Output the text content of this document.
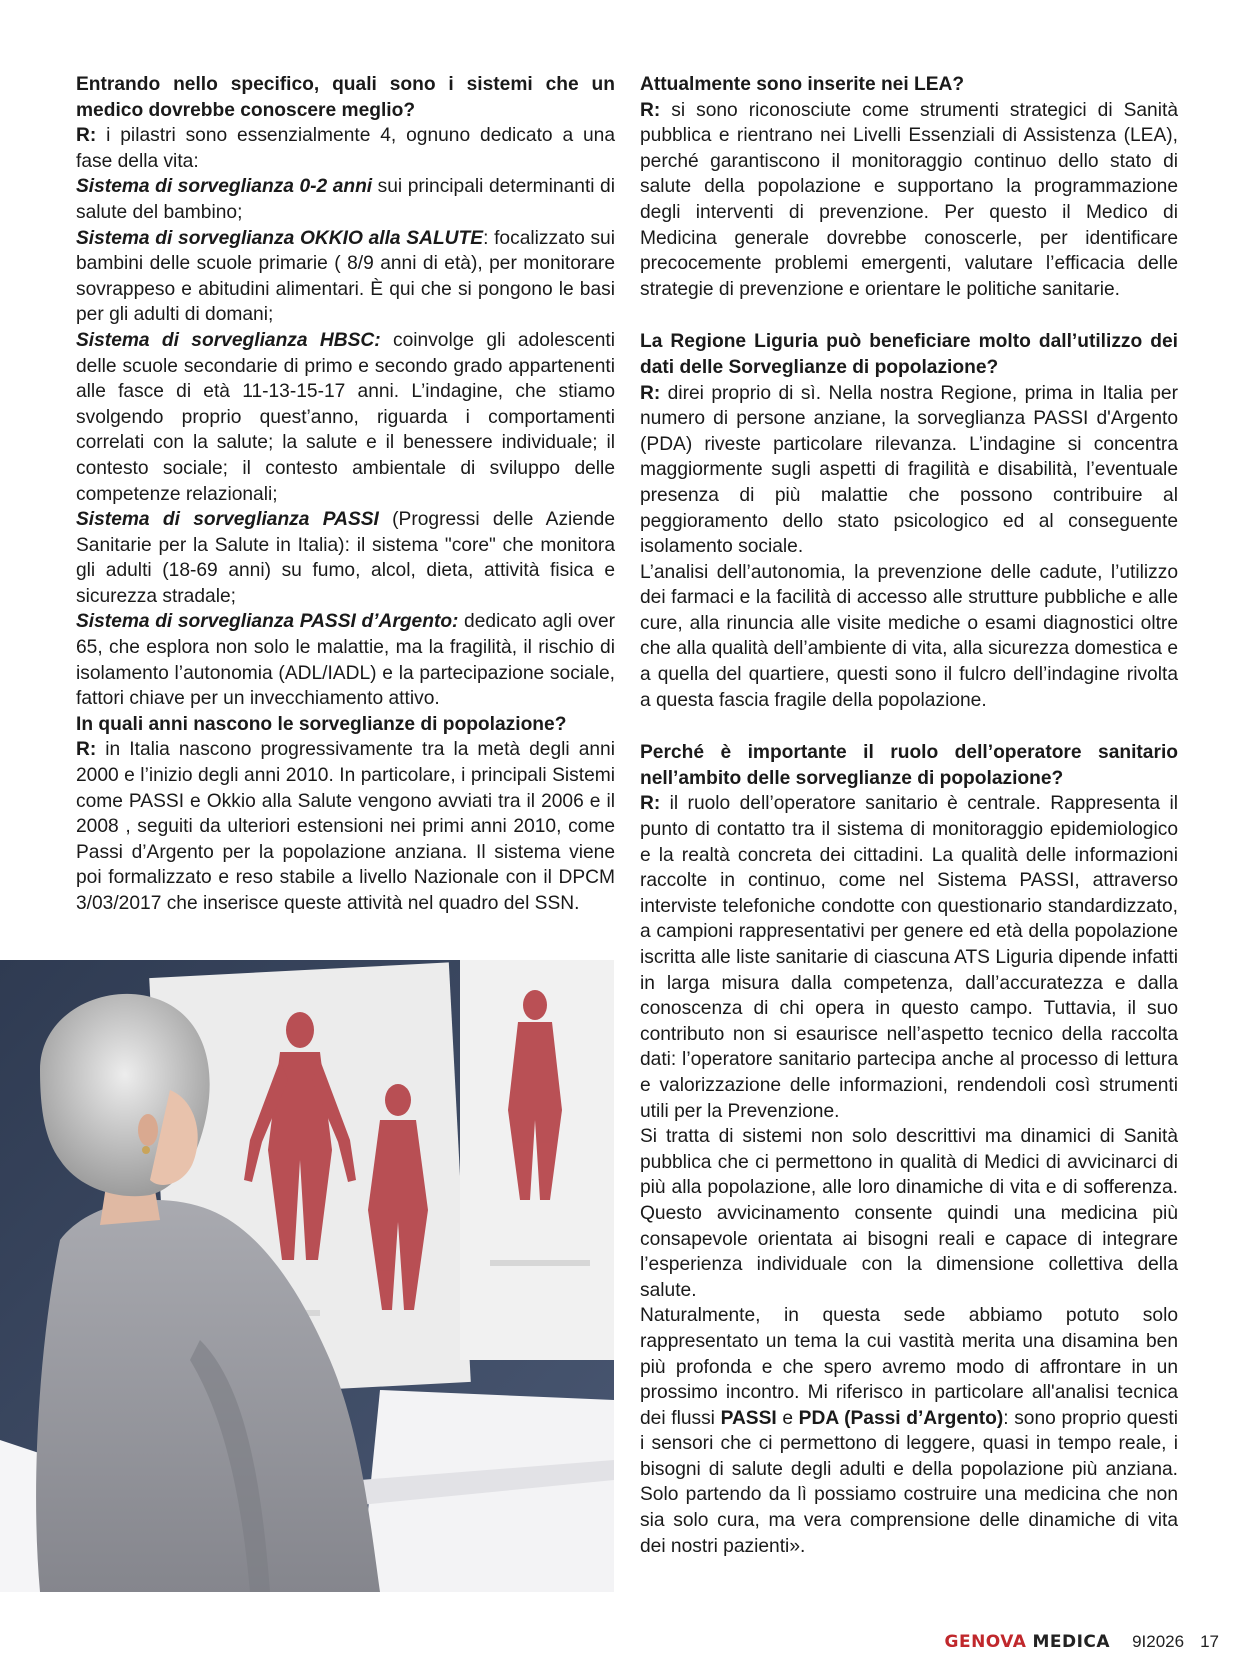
Entrando nello specifico, quali sono i sistemi che un medico dovrebbe conoscere meglio?

R: i pilastri sono essenzialmente 4, ognuno dedicato a una fase della vita:

Sistema di sorveglianza 0-2 anni sui principali determinanti di salute del bambino;

Sistema di sorveglianza OKKIO alla SALUTE: focalizzato sui bambini delle scuole primarie ( 8/9 anni di età), per monitorare sovrappeso e abitudini alimentari. È qui che si pongono le basi per gli adulti di domani;

Sistema di sorveglianza HBSC: coinvolge gli adolescenti delle scuole secondarie di primo e secondo grado appartenenti alle fasce di età 11-13-15-17 anni. L’indagine, che stiamo svolgendo proprio quest’anno, riguarda i comportamenti correlati con la salute; la salute e il benessere individuale; il contesto sociale; il contesto ambientale di sviluppo delle competenze relazionali;

Sistema di sorveglianza PASSI (Progressi delle Aziende Sanitarie per la Salute in Italia): il sistema "core" che monitora gli adulti (18-69 anni) su fumo, alcol, dieta, attività fisica e sicurezza stradale;

Sistema di sorveglianza PASSI d’Argento: dedicato agli over 65, che esplora non solo le malattie, ma la fragilità, il rischio di isolamento l’autonomia (ADL/IADL) e la partecipazione sociale, fattori chiave per un invecchiamento attivo.

In quali anni nascono le sorveglianze di popolazione?

R: in Italia nascono progressivamente tra la metà degli anni 2000 e l’inizio degli anni 2010. In particolare, i principali Sistemi come PASSI e Okkio alla Salute vengono avviati tra il 2006 e il 2008 , seguiti da ulteriori estensioni nei primi anni 2010, come Passi d’Argento per la popolazione anziana. Il sistema viene poi formalizzato e reso stabile a livello Nazionale con il DPCM 3/03/2017 che inserisce queste attività nel quadro del SSN.

Attualmente sono inserite nei LEA?

R: si sono riconosciute come strumenti strategici di Sanità pubblica e rientrano nei Livelli Essenziali di Assistenza (LEA), perché garantiscono il monitoraggio continuo dello stato di salute della popolazione e supportano la programmazione degli interventi di prevenzione. Per questo il Medico di Medicina generale dovrebbe conoscerle, per identificare precocemente problemi emergenti, valutare l’efficacia delle strategie di prevenzione e orientare le politiche sanitarie.

La Regione Liguria può beneficiare molto dall’utilizzo dei dati delle Sorveglianze di popolazione?

R: direi proprio di sì. Nella nostra Regione, prima in Italia per numero di persone anziane, la sorveglianza PASSI d'Argento (PDA) riveste particolare rilevanza. L’indagine si concentra maggiormente sugli aspetti di fragilità e disabilità, l’eventuale presenza di più malattie che possono contribuire al peggioramento dello stato psicologico ed al conseguente isolamento sociale.

L’analisi dell’autonomia, la prevenzione delle cadute, l’utilizzo dei farmaci e la facilità di accesso alle strutture pubbliche e alle cure, alla rinuncia alle visite mediche o esami diagnostici oltre che alla qualità dell’ambiente di vita, alla sicurezza domestica e a quella del quartiere, questi sono il fulcro dell’indagine rivolta a questa fascia fragile della popolazione.

Perché è importante il ruolo dell’operatore sanitario nell’ambito delle sorveglianze di popolazione?

R: il ruolo dell’operatore sanitario è centrale. Rappresenta il punto di contatto tra il sistema di monitoraggio epidemiologico e la realtà concreta dei cittadini. La qualità delle informazioni raccolte in continuo, come nel Sistema PASSI, attraverso interviste telefoniche condotte con questionario standardizzato, a campioni rappresentativi per genere ed età della popolazione iscritta alle liste sanitarie di ciascuna ATS Liguria dipende infatti in larga misura dalla competenza, dall’accuratezza e dalla conoscenza di chi opera in questo campo. Tuttavia, il suo contributo non si esaurisce nell’aspetto tecnico della raccolta dati: l’operatore sanitario partecipa anche al processo di lettura e valorizzazione delle informazioni, rendendoli così strumenti utili per la Prevenzione.

Si tratta di sistemi non solo descrittivi ma dinamici di Sanità pubblica che ci permettono in qualità di Medici di avvicinarci di più alla popolazione, alle loro dinamiche di vita e di sofferenza. Questo avvicinamento consente quindi una medicina più consapevole orientata ai bisogni reali e capace di integrare l’esperienza individuale con la dimensione collettiva della salute.

Naturalmente, in questa sede abbiamo potuto solo rappresentato un tema la cui vastità merita una disamina ben più profonda e che spero avremo modo di affrontare in un prossimo incontro. Mi riferisco in particolare all'analisi tecnica dei flussi PASSI e PDA (Passi d’Argento): sono proprio questi i sensori che ci permettono di leggere, quasi in tempo reale, i bisogni di salute degli adulti e della popolazione più anziana. Solo partendo da lì possiamo costruire una medicina che non sia solo cura, ma vera comprensione delle dinamiche di vita dei nostri pazienti».

GENOVA MEDICA 9I2026 17
